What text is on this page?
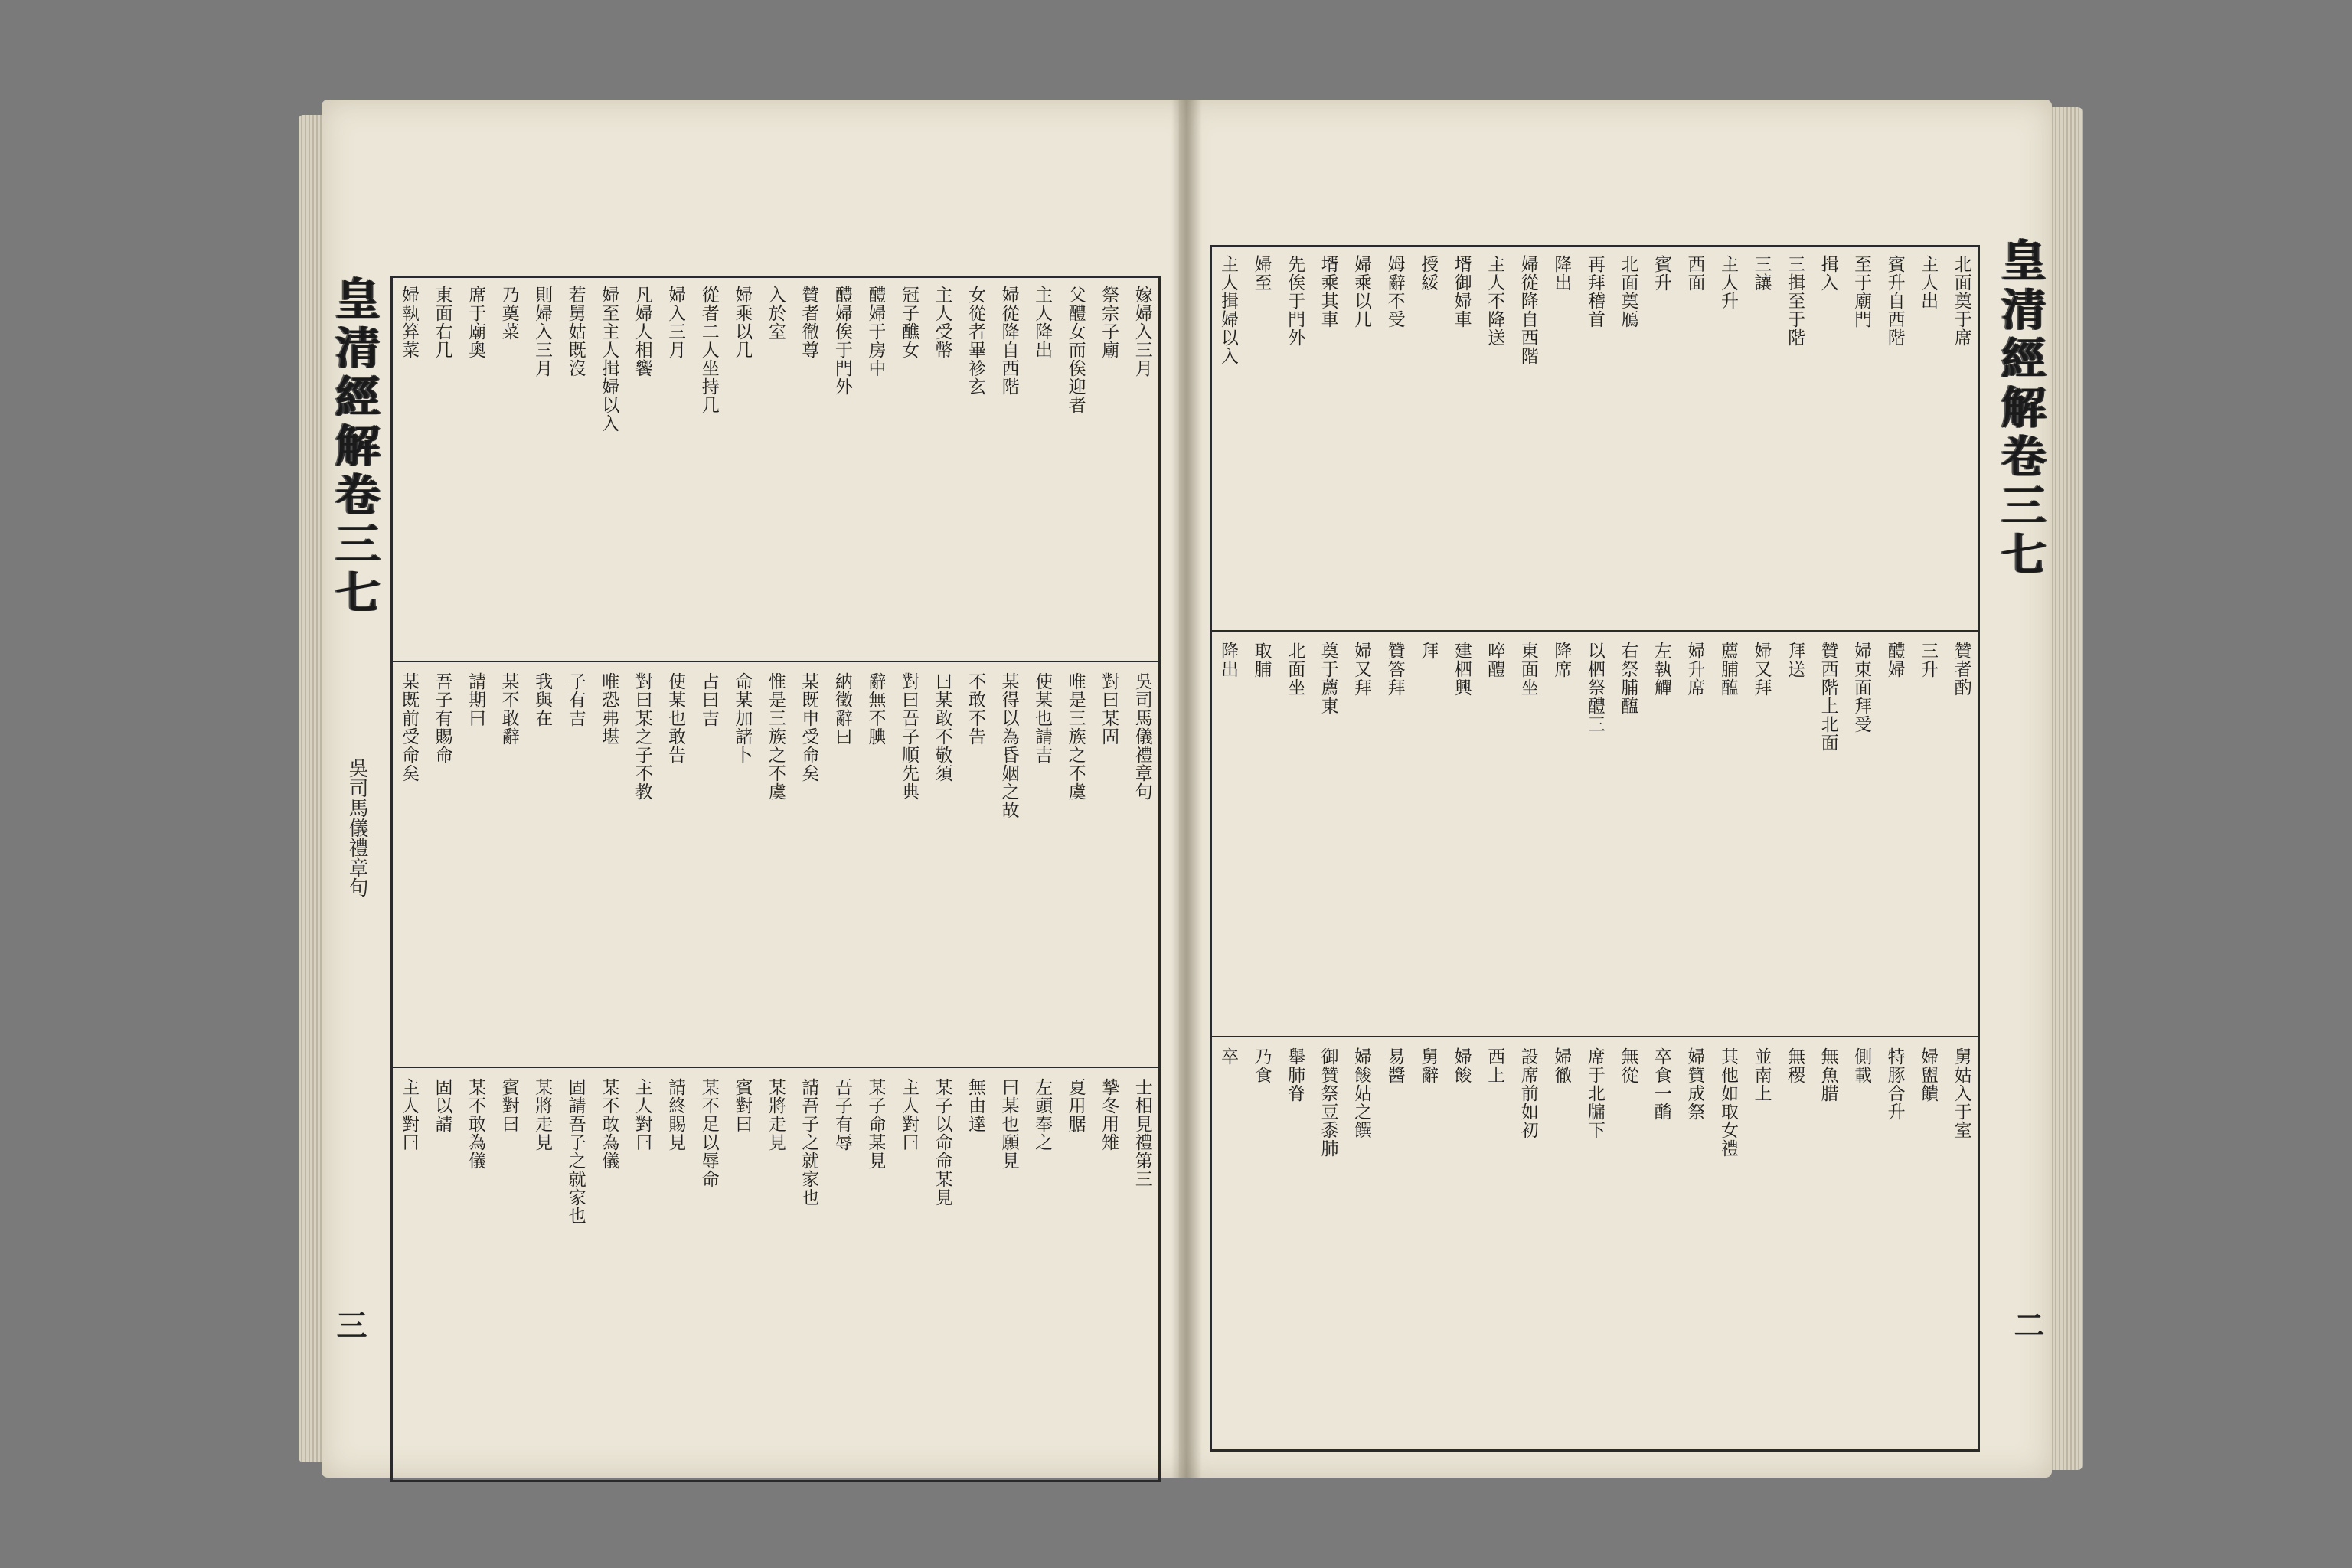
皇清經解卷三七	嫁婦入三月
祭宗子廟
父醴女而俟迎者
主人降出
婦從降自西階
女從者畢袗玄
主人受幣
冠子醮女
醴婦于房中
醴婦俟于門外
贊者徹尊
入於室
婦乘以几
從者二人坐持几
婦入三月
凡婦人相饗
婦至主人揖婦以入
若舅姑既沒
則婦入三月
乃奠菜
席于廟奧
東面右几
婦執笲菜
吳司馬儀禮章句
對曰某固
唯是三族之不虞
使某也請吉
某得以為昏姻之故
不敢不告
曰某敢不敬須
對曰吾子順先典
辭無不腆
納徵辭曰
某既申受命矣
惟是三族之不虞
命某加諸卜
占曰吉
使某也敢告
對曰某之子不教
唯恐弗堪
子有吉
我與在
某不敢辭
請期曰
吾子有賜命
某既前受命矣
士相見禮第三
摯冬用雉
夏用腒
左頭奉之
曰某也願見
無由達
某子以命命某見
主人對曰
某子命某見
吾子有辱
請吾子之就家也
某將走見
賓對曰
某不足以辱命
請終賜見
主人對曰
某不敢為儀
固請吾子之就家也
某將走見
賓對曰
某不敢為儀
固以請
主人對曰
吳司馬儀禮章句
三
皇清經解卷三七
北面奠于席
主人出
賓升自西階
至于廟門
揖入
三揖至于階
三讓
主人升
西面
賓升
北面奠鴈
再拜稽首
降出
婦從降自西階
主人不降送
壻御婦車
授綏
姆辭不受
婦乘以几
壻乘其車
先俟于門外
婦至
主人揖婦以入
贊者酌
三升
醴婦
婦東面拜受
贊西階上北面
拜送
婦又拜
薦脯醢
婦升席
左執觶
右祭脯醢
以柶祭醴三
降席
東面坐
啐醴
建柶興
拜
贊答拜
婦又拜
奠于薦東
北面坐
取脯
降出
舅姑入于室
婦盥饋
特豚合升
側載
無魚腊
無稷
並南上
其他如取女禮
婦贊成祭
卒食一酳
無從
席于北牖下
婦徹
設席前如初
西上
婦餕
舅辭
易醬
婦餕姑之饌
御贊祭豆黍肺
舉肺脊
乃食
卒
二
